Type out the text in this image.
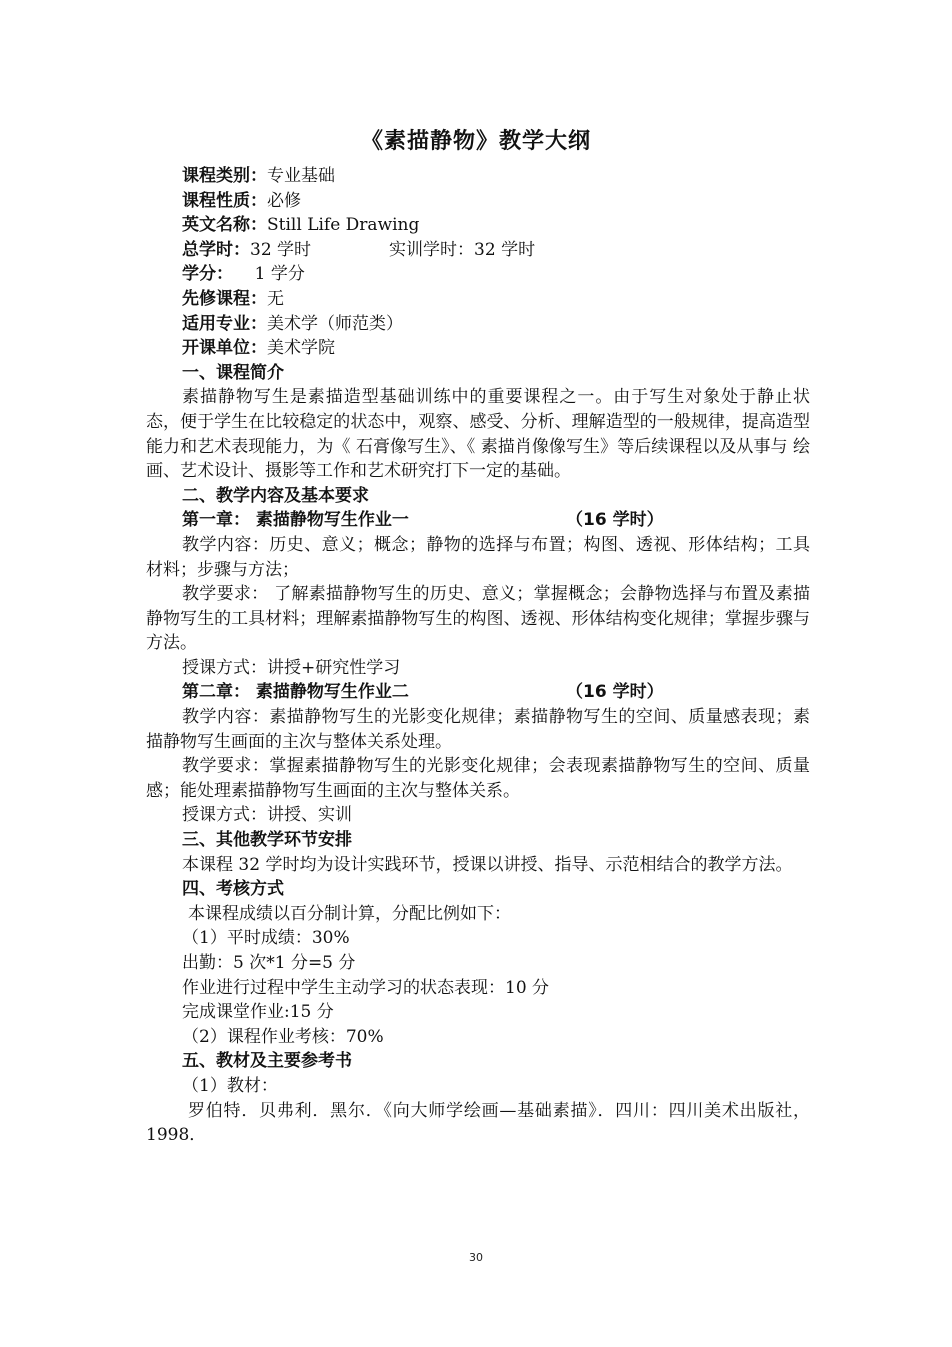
《素描静物》教学大纲
课程类别：专业基础
课程性质：必修
英文名称：Still Life Drawing
总学时：32 学时	实训学时：32 学时
学分：    1 学分
先修课程：无
适用专业：美术学（师范类）
开课单位：美术学院
一、课程简介
素描静物写生是素描造型基础训练中的重要课程之一。由于写生对象处于静止状态，便于学生在比较稳定的状态中，观察、感受、分析、理解造型的一般规律，提高造型能力和艺术表现能力，为《 石膏像写生》、《 素描肖像像写生》等后续课程以及从事与 绘画、艺术设计、摄影等工作和艺术研究打下一定的基础。
二、教学内容及基本要求
第一章： 素描静物写生作业一	（16 学时）
教学内容：历史、意义；概念；静物的选择与布置；构图、透视、形体结构；工具材料；步骤与方法；
教学要求： 了解素描静物写生的历史、意义；掌握概念；会静物选择与布置及素描静物写生的工具材料；理解素描静物写生的构图、透视、形体结构变化规律；掌握步骤与方法。
授课方式：讲授+研究性学习
第二章： 素描静物写生作业二	（16 学时）
教学内容：素描静物写生的光影变化规律；素描静物写生的空间、质量感表现；素描静物写生画面的主次与整体关系处理。
教学要求：掌握素描静物写生的光影变化规律；会表现素描静物写生的空间、质量感；能处理素描静物写生画面的主次与整体关系。
授课方式：讲授、实训
三、其他教学环节安排
本课程 32 学时均为设计实践环节，授课以讲授、指导、示范相结合的教学方法。
四、考核方式
本课程成绩以百分制计算，分配比例如下：
（1）平时成绩：30%
出勤：5 次*1 分=5 分
作业进行过程中学生主动学习的状态表现：10 分
完成课堂作业:15 分
（2）课程作业考核：70%
五、教材及主要参考书
（1）教材：
罗伯特．贝弗利．黑尔．《向大师学绘画—基础素描》．四川：四川美术出版社，1998．
30
